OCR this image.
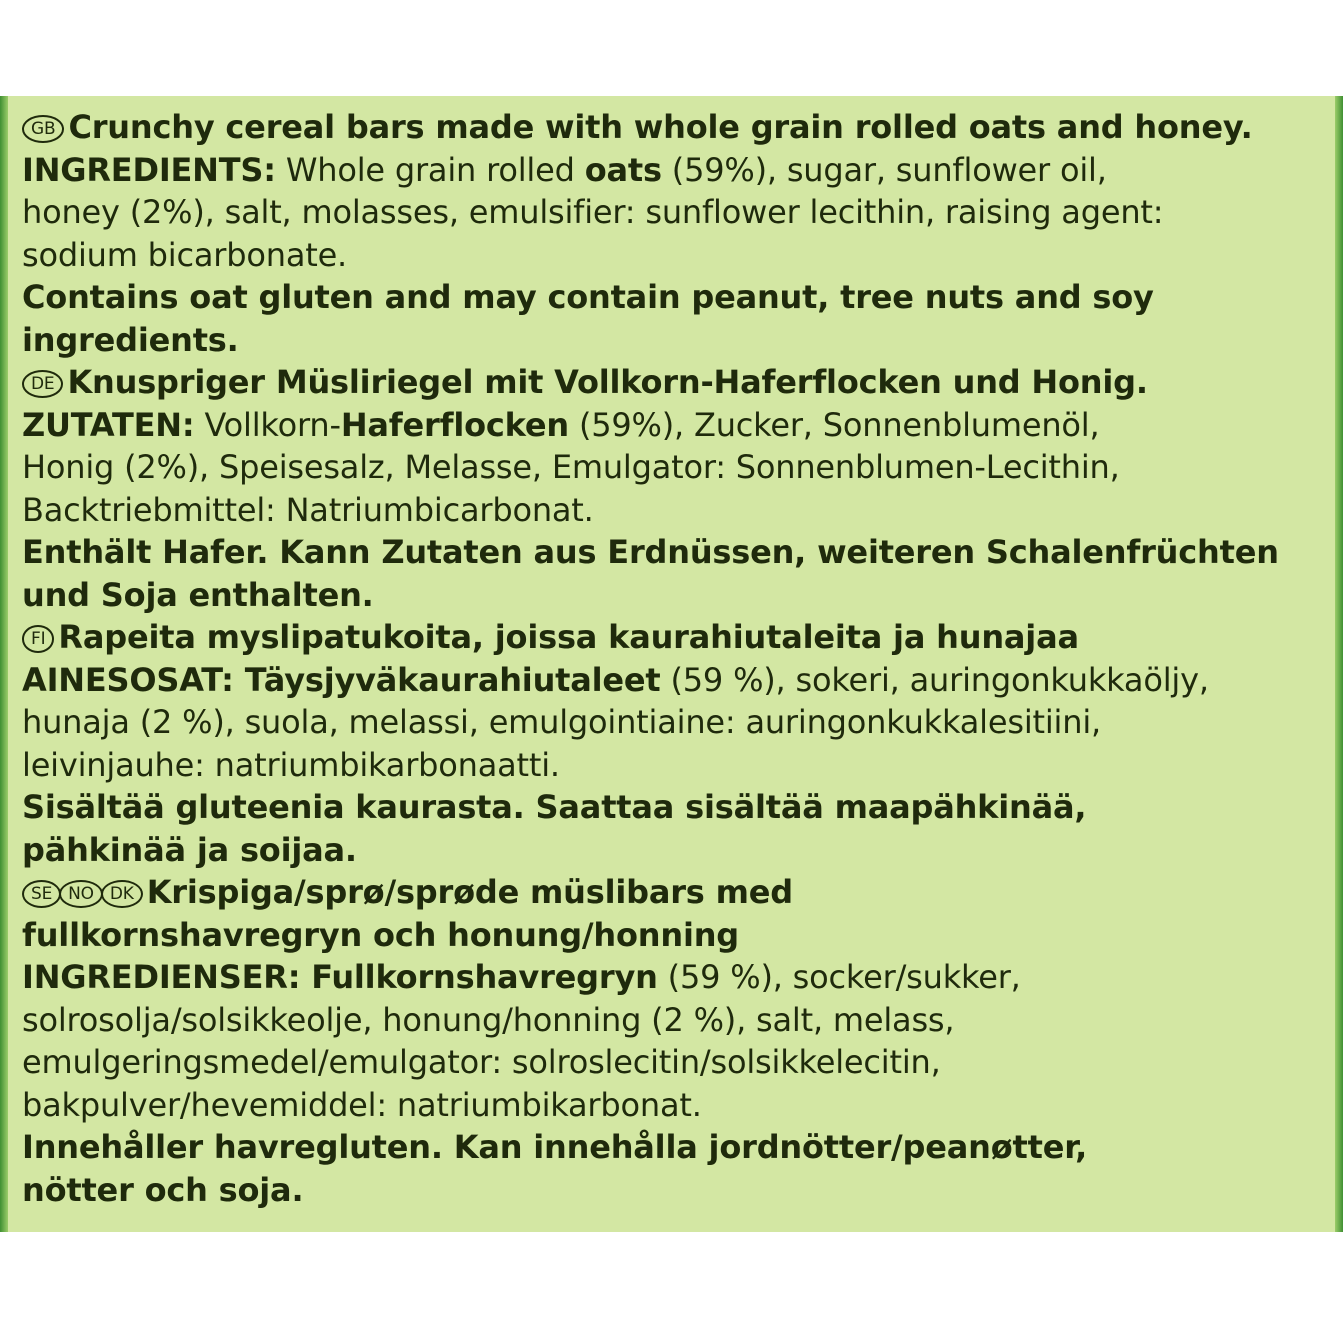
GB Crunchy cereal bars made with whole grain rolled oats and honey.
INGREDIENTS: Whole grain rolled oats (59%), sugar, sunflower oil,
honey (2%), salt, molasses, emulsifier: sunflower lecithin, raising agent:
sodium bicarbonate.
Contains oat gluten and may contain peanut, tree nuts and soy
ingredients.
DE Knuspriger Müsliriegel mit Vollkorn-Haferflocken und Honig.
ZUTATEN: Vollkorn-Haferflocken (59%), Zucker, Sonnenblumenöl,
Honig (2%), Speisesalz, Melasse, Emulgator: Sonnenblumen-Lecithin,
Backtriebmittel: Natriumbicarbonat.
Enthält Hafer. Kann Zutaten aus Erdnüssen, weiteren Schalenfrüchten
und Soja enthalten.
FI Rapeita myslipatukoita, joissa kaurahiutaleita ja hunajaa
AINESOSAT: Täysjyväkaurahiutaleet (59 %), sokeri, auringonkukkaöljy,
hunaja (2 %), suola, melassi, emulgointiaine: auringonkukkalesitiini,
leivinjauhe: natriumbikarbonaatti.
Sisältää gluteenia kaurasta. Saattaa sisältää maapähkinää,
pähkinää ja soijaa.
SE NO DK Krispiga/sprø/sprøde müslibars med
fullkornshavregryn och honung/honning
INGREDIENSER: Fullkornshavregryn (59 %), socker/sukker,
solrosolja/solsikkeolje, honung/honning (2 %), salt, melass,
emulgeringsmedel/emulgator: solroslecitin/solsikkelecitin,
bakpulver/hevemiddel: natriumbikarbonat.
Innehåller havregluten. Kan innehålla jordnötter/peanøtter,
nötter och soja.
